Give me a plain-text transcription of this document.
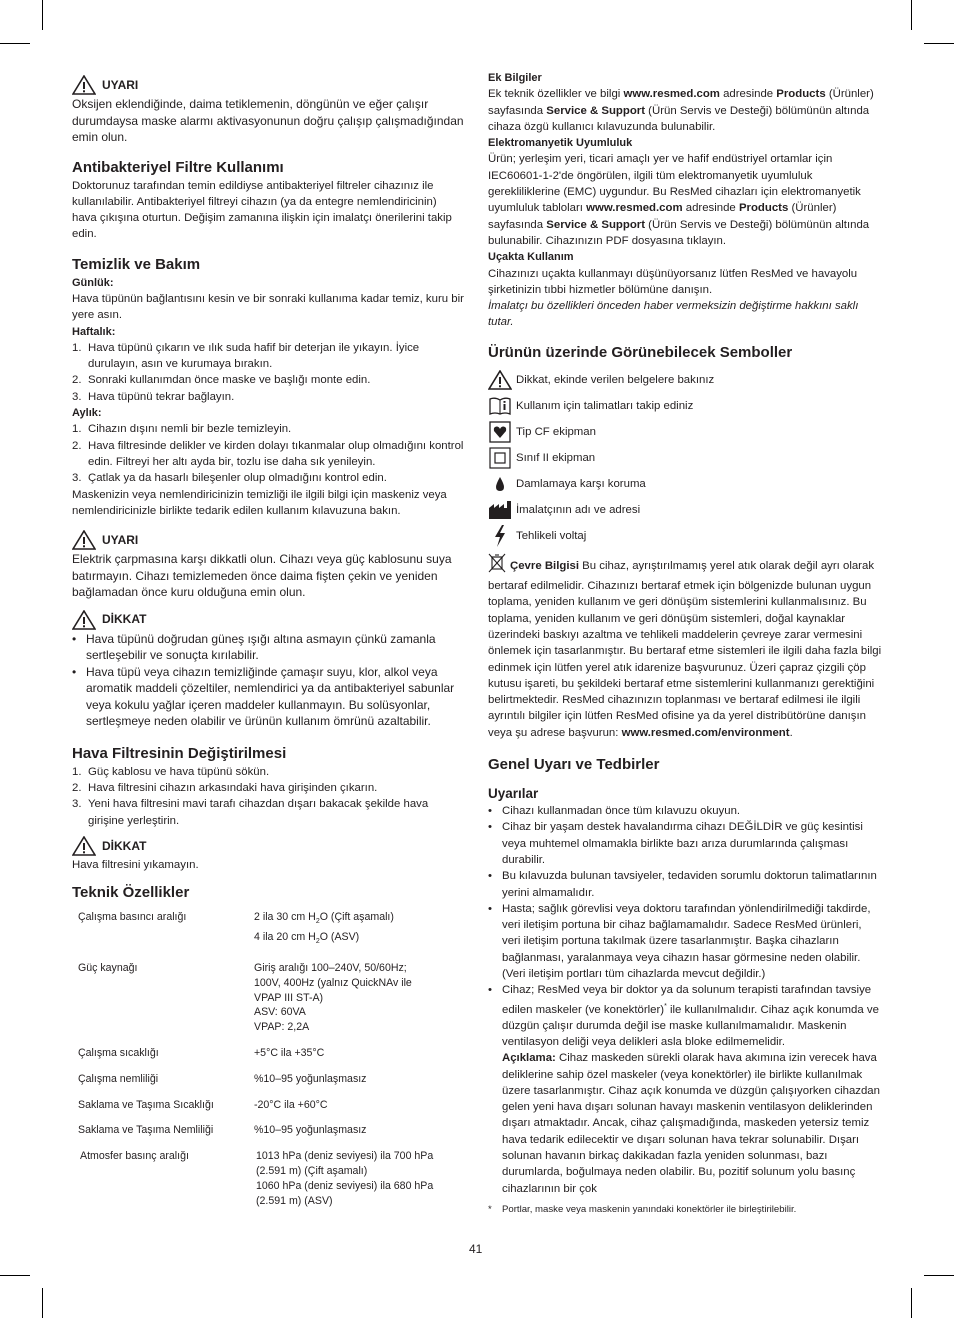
UYARI

Oksijen eklendiğinde, daima tetiklemenin, döngünün ve eğer çalışır durumdaysa maske alarmı aktivasyonunun doğru çalışıp çalışmadığından emin olun.

Antibakteriyel Filtre Kullanımı

Doktorunuz tarafından temin edildiyse antibakteriyel filtreler cihazınız ile kullanılabilir. Antibakteriyel filtreyi cihazın (ya da entegre nemlendiricinin) hava çıkışına oturtun. Değişim zamanına ilişkin için imalatçı önerilerini takip edin.

Temizlik ve Bakım

Günlük:

Hava tüpünün bağlantısını kesin ve bir sonraki kullanıma kadar temiz, kuru bir yere asın.

Haftalık:

1. Hava tüpünü çıkarın ve ılık suda hafif bir deterjan ile yıkayın. İyice durulayın, asın ve kurumaya bırakın.
2. Sonraki kullanımdan önce maske ve başlığı monte edin.
3. Hava tüpünü tekrar bağlayın.

Aylık:

1. Cihazın dışını nemli bir bezle temizleyin.
2. Hava filtresinde delikler ve kirden dolayı tıkanmalar olup olmadığını kontrol edin. Filtreyi her altı ayda bir, tozlu ise daha sık yenileyin.
3. Çatlak ya da hasarlı bileşenler olup olmadığını kontrol edin.

Maskenizin veya nemlendiricinizin temizliği ile ilgili bilgi için maskeniz veya nemlendiricinizle birlikte tedarik edilen kullanım kılavuzuna bakın.

UYARI

Elektrik çarpmasına karşı dikkatli olun. Cihazı veya güç kablosunu suya batırmayın. Cihazı temizlemeden önce daima fişten çekin ve yeniden bağlamadan önce kuru olduğuna emin olun.

DİKKAT
• Hava tüpünü doğrudan güneş ışığı altına asmayın çünkü zamanla sertleşebilir ve sonuçta kırılabilir.
• Hava tüpü veya cihazın temizliğinde çamaşır suyu, klor, alkol veya aromatik maddeli çözeltiler, nemlendirici ya da antibakteriyel sabunlar veya kokulu yağlar içeren maddeler kullanmayın. Bu solüsyonlar, sertleşmeye neden olabilir ve ürünün kullanım ömrünü azaltabilir.
Hava Filtresinin Değiştirilmesi
1. Güç kablosu ve hava tüpünü sökün.
2. Hava filtresini cihazın arkasındaki hava girişinden çıkarın.
3. Yeni hava filtresini mavi tarafı cihazdan dışarı bakacak şekilde hava girişine yerleştirin.
DİKKAT

Hava filtresini yıkamayın.

Teknik Özellikler
Çalışma basıncı aralığı	2 ila 30 cm $H_2O$ (Çift aşamalı)
4 ila 20 cm $H_2O$ (ASV)
Güç kaynağı	Giriş aralığı 100–240V, 50/60Hz;
100V, 400Hz (yalnız QuickNAv ile
VPAP III ST-A)
ASV: 60VA
VPAP: 2,2A
Çalışma sıcaklığı	+5°C ila +35°C
Çalışma nemliliği	%10–95 yoğunlaşmasız
Saklama ve Taşıma Sıcaklığı	-20°C ila +60°C
Saklama ve Taşıma Nemliliği	%10–95 yoğunlaşmasız
Atmosfer basınç aralığı	1013 hPa (deniz seviyesi) ila 700 hPa
(2.591 m) (Çift aşamalı)
1060 hPa (deniz seviyesi) ila 680 hPa
(2.591 m) (ASV)

Ek Bilgiler

Ek teknik özellikler ve bilgi www.resmed.com adresinde Products (Ürünler) sayfasında Service & Support (Ürün Servis ve Desteği) bölümünün altında cihaza özgü kullanıcı kılavuzunda bulunabilir.

Elektromanyetik Uyumluluk

Ürün; yerleşim yeri, ticari amaçlı yer ve hafif endüstriyel ortamlar için IEC60601-1-2'de öngörülen, ilgili tüm elektromanyetik uyumluluk gerekliliklerine (EMC) uygundur. Bu ResMed cihazları için elektromanyetik uyumluluk tabloları www.resmed.com adresinde Products (Ürünler) sayfasında Service & Support (Ürün Servis ve Desteği) bölümünün altında bulunabilir. Cihazınızın PDF dosyasına tıklayın.

Uçakta Kullanım

Cihazınızı uçakta kullanmayı düşünüyorsanız lütfen ResMed ve havayolu şirketinizin tıbbi hizmetler bölümüne danışın.

İmalatçı bu özellikleri önceden haber vermeksizin değiştirme hakkını saklı tutar.

Ürünün üzerinde Görünebilecek Semboller
Dikkat, ekinde verilen belgelere bakınız
Kullanım için talimatları takip ediniz
Tip CF ekipman
Sınıf II ekipman
Damlamaya karşı koruma
İmalatçının adı ve adresi
Tehlikeli voltaj

Çevre Bilgisi Bu cihaz, ayrıştırılmamış yerel atık olarak değil ayrı olarak bertaraf edilmelidir. Cihazınızı bertaraf etmek için bölgenizde bulunan uygun toplama, yeniden kullanım ve geri dönüşüm sistemlerini kullanmalısınız. Bu toplama, yeniden kullanım ve geri dönüşüm sistemleri, doğal kaynaklar üzerindeki baskıyı azaltma ve tehlikeli maddelerin çevreye zarar vermesini önlemek için tasarlanmıştır. Bu bertaraf etme sistemleri ile ilgili daha fazla bilgi edinmek için lütfen yerel atık idarenize başvurunuz. Üzeri çapraz çizgili çöp kutusu işareti, bu şekildeki bertaraf etme sistemlerini kullanmanızı gerektiğini belirtmektedir. ResMed cihazınızın toplanması ve bertaraf edilmesi ile ilgili ayrıntılı bilgiler için lütfen ResMed ofisine ya da yerel distribütörüne danışın veya şu adrese başvurun: www.resmed.com/environment.

Genel Uyarı ve Tedbirler
Uyarılar
• Cihazı kullanmadan önce tüm kılavuzu okuyun.
• Cihaz bir yaşam destek havalandırma cihazı DEĞİLDİR ve güç kesintisi veya muhtemel olmamakla birlikte bazı arıza durumlarında çalışması durabilir.
• Bu kılavuzda bulunan tavsiyeler, tedaviden sorumlu doktorun talimatlarının yerini almamalıdır.
• Hasta; sağlık görevlisi veya doktoru tarafından yönlendirilmediği takdirde, veri iletişim portuna bir cihaz bağlamamalıdır. Sadece ResMed ürünleri, veri iletişim portuna takılmak üzere tasarlanmıştır. Başka cihazların bağlanması, yaralanmaya veya cihazın hasar görmesine neden olabilir. (Veri iletişim portları tüm cihazlarda mevcut değildir.)
• Cihaz; ResMed veya bir doktor ya da solunum terapisti tarafından tavsiye edilen maskeler (ve konektörler)* ile kullanılmalıdır. Cihaz açık konumda ve düzgün çalışır durumda değil ise maske kullanılmamalıdır. Maskenin ventilasyon deliği veya delikleri asla bloke edilmemelidir.
Açıklama: Cihaz maskeden sürekli olarak hava akımına izin verecek hava deliklerine sahip özel maskeler (veya konektörler) ile birlikte kullanılmak üzere tasarlanmıştır. Cihaz açık konumda ve düzgün çalışıyorken cihazdan gelen yeni hava dışarı solunan havayı maskenin ventilasyon deliklerinden dışarı atmaktadır. Ancak, cihaz çalışmadığında, maskeden yetersiz temiz hava tedarik edilecektir ve dışarı solunan hava tekrar solunabilir. Dışarı solunan havanın birkaç dakikadan fazla yeniden solunması, bazı durumlarda, boğulmaya neden olabilir. Bu, pozitif solunum yolu basınç cihazlarının bir çok
*	Portlar, maske veya maskenin yanındaki konektörler ile birleştirilebilir.
41
